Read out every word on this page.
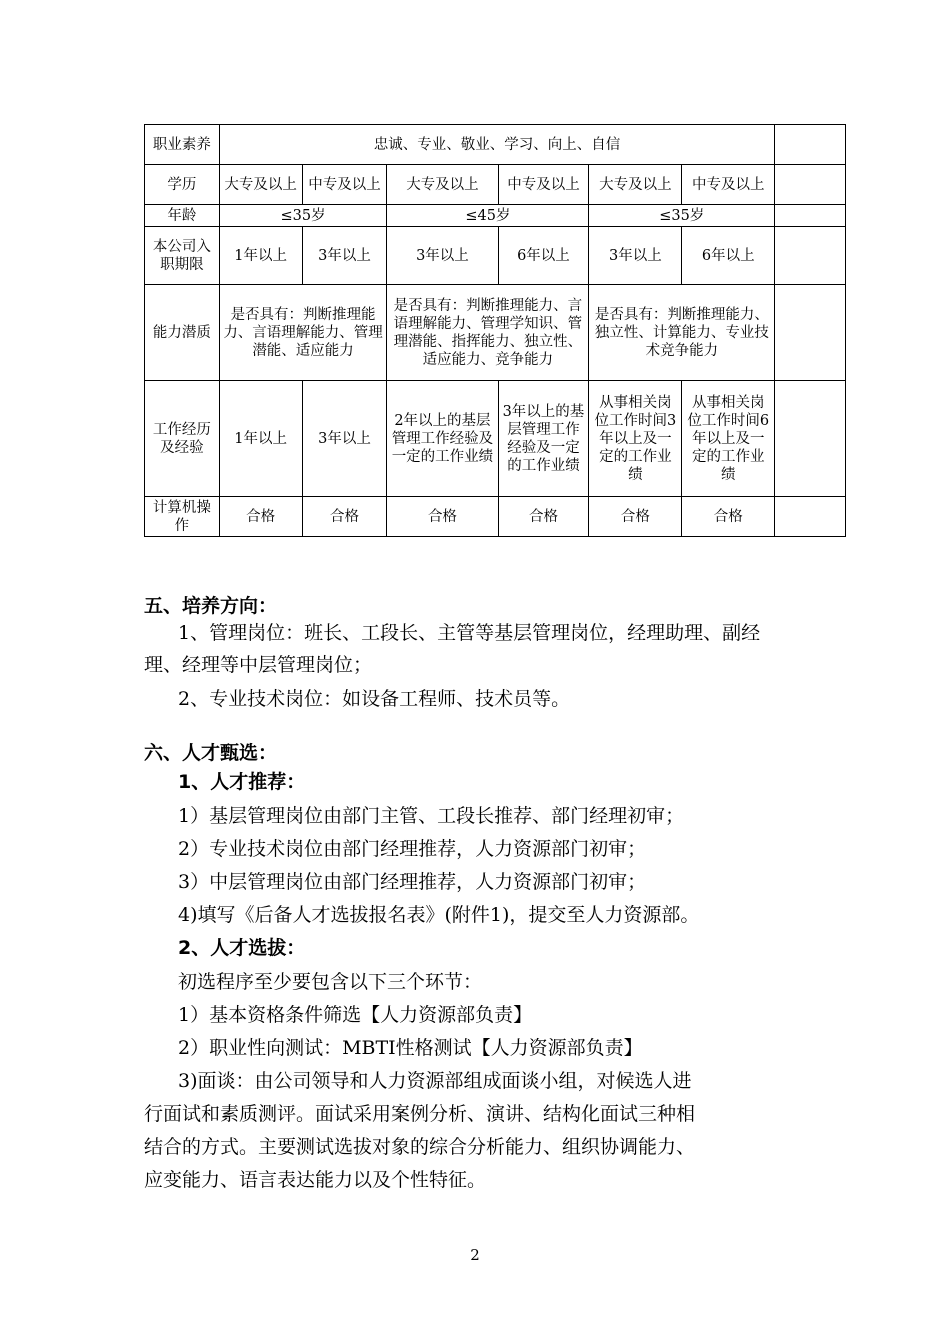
职业素养	忠诚、专业、敬业、学习、向上、自信						
学历	大专及以上	中专及以上	大专及以上	中专及以上	大专及以上	中专及以上	
年龄	≤35岁		≤45岁		≤35岁		
本公司入职期限	1年以上	3年以上	3年以上	6年以上	3年以上	6年以上	
能力潜质	是否具有：判断推理能力、言语理解能力、管理潜能、适应能力		是否具有：判断推理能力、言语理解能力、管理学知识、管理潜能、指挥能力、独立性、适应能力、竞争能力		是否具有：判断推理能力、独立性、计算能力、专业技术竞争能力		
工作经历及经验	1年以上	3年以上	2年以上的基层管理工作经验及一定的工作业绩	3年以上的基层管理工作经验及一定的工作业绩	从事相关岗位工作时间3年以上及一定的工作业绩	从事相关岗位工作时间6年以上及一定的工作业绩	
计算机操作	合格	合格	合格	合格	合格	合格	
五、培养方向：
1、管理岗位：班长、工段长、主管等基层管理岗位，经理助理、副经
理、经理等中层管理岗位；
2、专业技术岗位：如设备工程师、技术员等。
六、人才甄选：
1、人才推荐：
1）基层管理岗位由部门主管、工段长推荐、部门经理初审；
2）专业技术岗位由部门经理推荐，人力资源部门初审；
3）中层管理岗位由部门经理推荐，人力资源部门初审；
4)填写《后备人才选拔报名表》(附件1)，提交至人力资源部。
2、人才选拔：
初选程序至少要包含以下三个环节：
1）基本资格条件筛选【人力资源部负责】
2）职业性向测试：MBTI性格测试【人力资源部负责】
3)面谈：由公司领导和人力资源部组成面谈小组，对候选人进
行面试和素质测评。面试采用案例分析、演讲、结构化面试三种相
结合的方式。主要测试选拔对象的综合分析能力、组织协调能力、
应变能力、语言表达能力以及个性特征。
2
